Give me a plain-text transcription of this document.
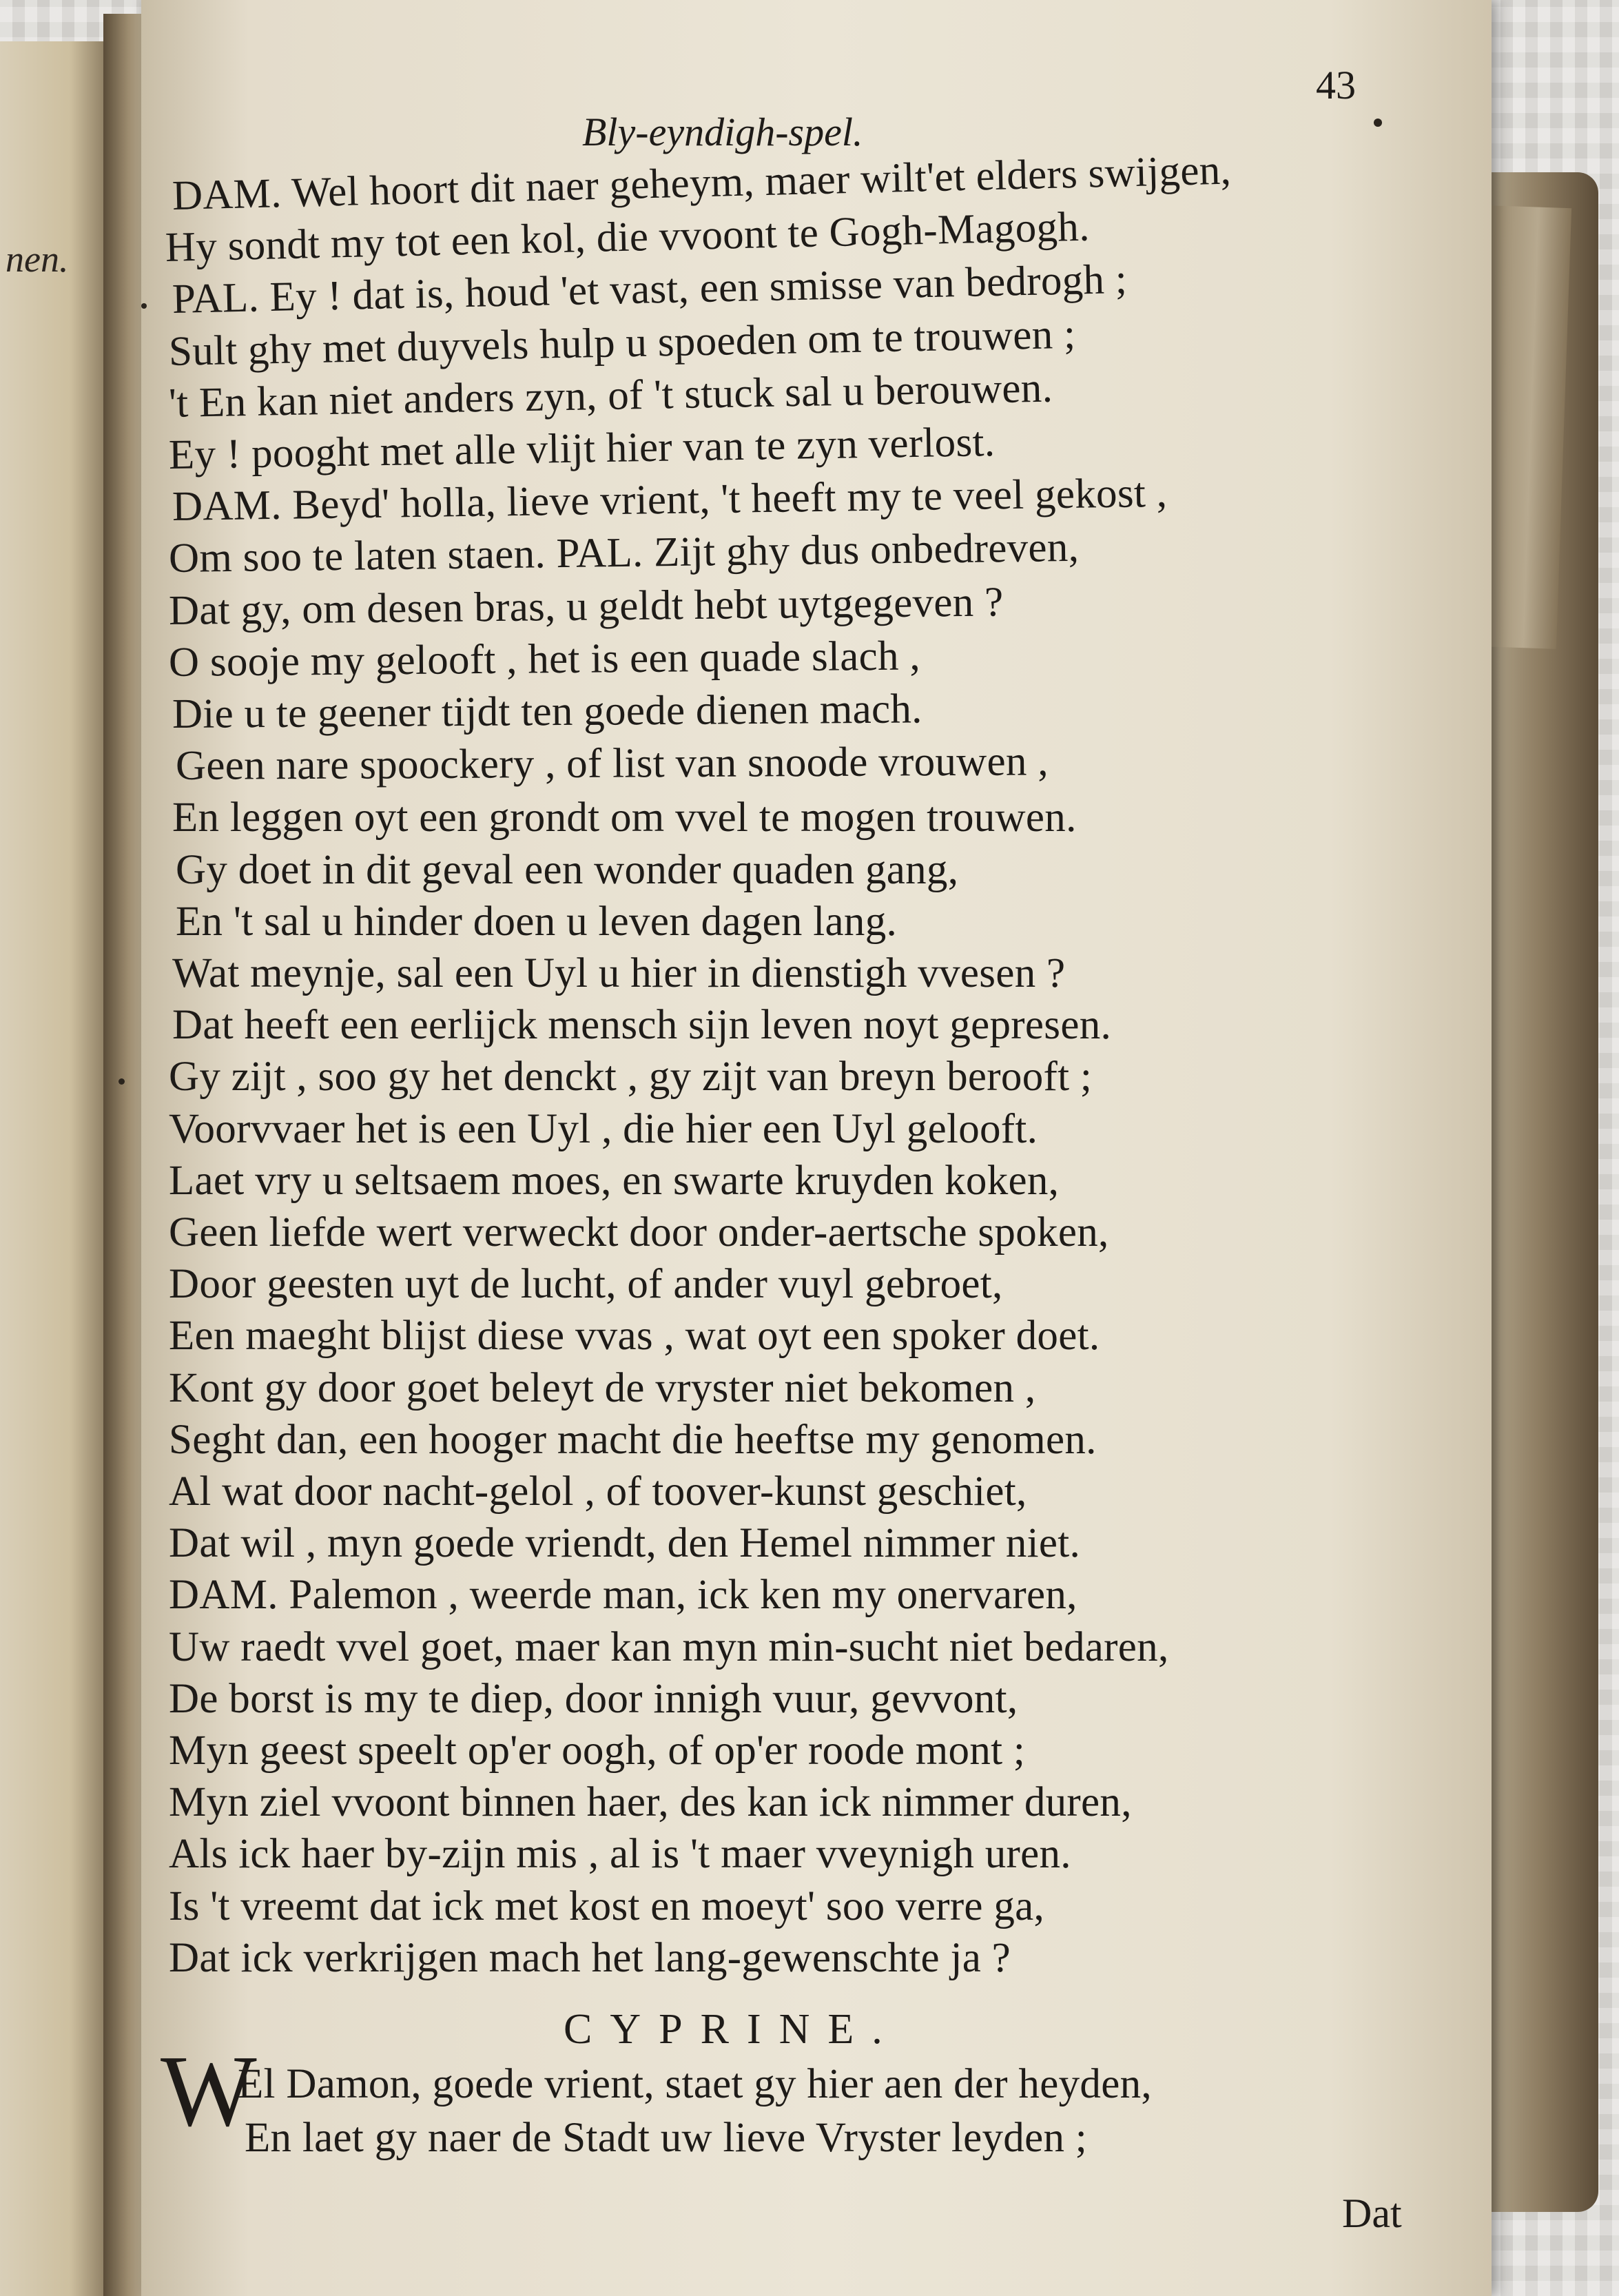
nen.
Bly-eyndigh-spel.
43
DAM. Wel hoort dit naer geheym, maer wilt'et elders swijgen,
Hy sondt my tot een kol, die vvoont te Gogh-Magogh.
PAL. Ey ! dat is, houd 'et vast, een smisse van bedrogh ;
Sult ghy met duyvels hulp u spoeden om te trouwen ;
't En kan niet anders zyn, of 't stuck sal u berouwen.
Ey ! pooght met alle vlijt hier van te zyn verlost.
DAM. Beyd' holla, lieve vrient, 't heeft my te veel gekost ,
Om soo te laten staen. PAL. Zijt ghy dus onbedreven,
Dat gy, om desen bras, u geldt hebt uytgegeven ?
O sooje my gelooft , het is een quade slach ,
Die u te geener tijdt ten goede dienen mach.
Geen nare spoockery , of list van snoode vrouwen ,
En leggen oyt een grondt om vvel te mogen trouwen.
Gy doet in dit geval een wonder quaden gang,
En 't sal u hinder doen u leven dagen lang.
Wat meynje, sal een Uyl u hier in dienstigh vvesen ?
Dat heeft een eerlijck mensch sijn leven noyt gepresen.
Gy zijt , soo gy het denckt , gy zijt van breyn berooft ;
Voorvvaer het is een Uyl , die hier een Uyl gelooft.
Laet vry u seltsaem moes, en swarte kruyden koken,
Geen liefde wert verweckt door onder-aertsche spoken,
Door geesten uyt de lucht, of ander vuyl gebroet,
Een maeght blijst diese vvas , wat oyt een spoker doet.
Kont gy door goet beleyt de vryster niet bekomen ,
Seght dan, een hooger macht die heeftse my genomen.
Al wat door nacht-gelol , of toover-kunst geschiet,
Dat wil , myn goede vriendt, den Hemel nimmer niet.
DAM. Palemon , weerde man, ick ken my onervaren,
Uw raedt vvel goet, maer kan myn min-sucht niet bedaren,
De borst is my te diep, door innigh vuur, gevvont,
Myn geest speelt op'er oogh, of op'er roode mont ;
Myn ziel vvoont binnen haer, des kan ick nimmer duren,
Als ick haer by-zijn mis , al is 't maer vveynigh uren.
Is 't vreemt dat ick met kost en moeyt' soo verre ga,
Dat ick verkrijgen mach het lang-gewenschte ja ?
CYPRINE.
W
El Damon, goede vrient, staet gy hier aen der heyden,
En laet gy naer de Stadt uw lieve Vryster leyden ;
Dat
